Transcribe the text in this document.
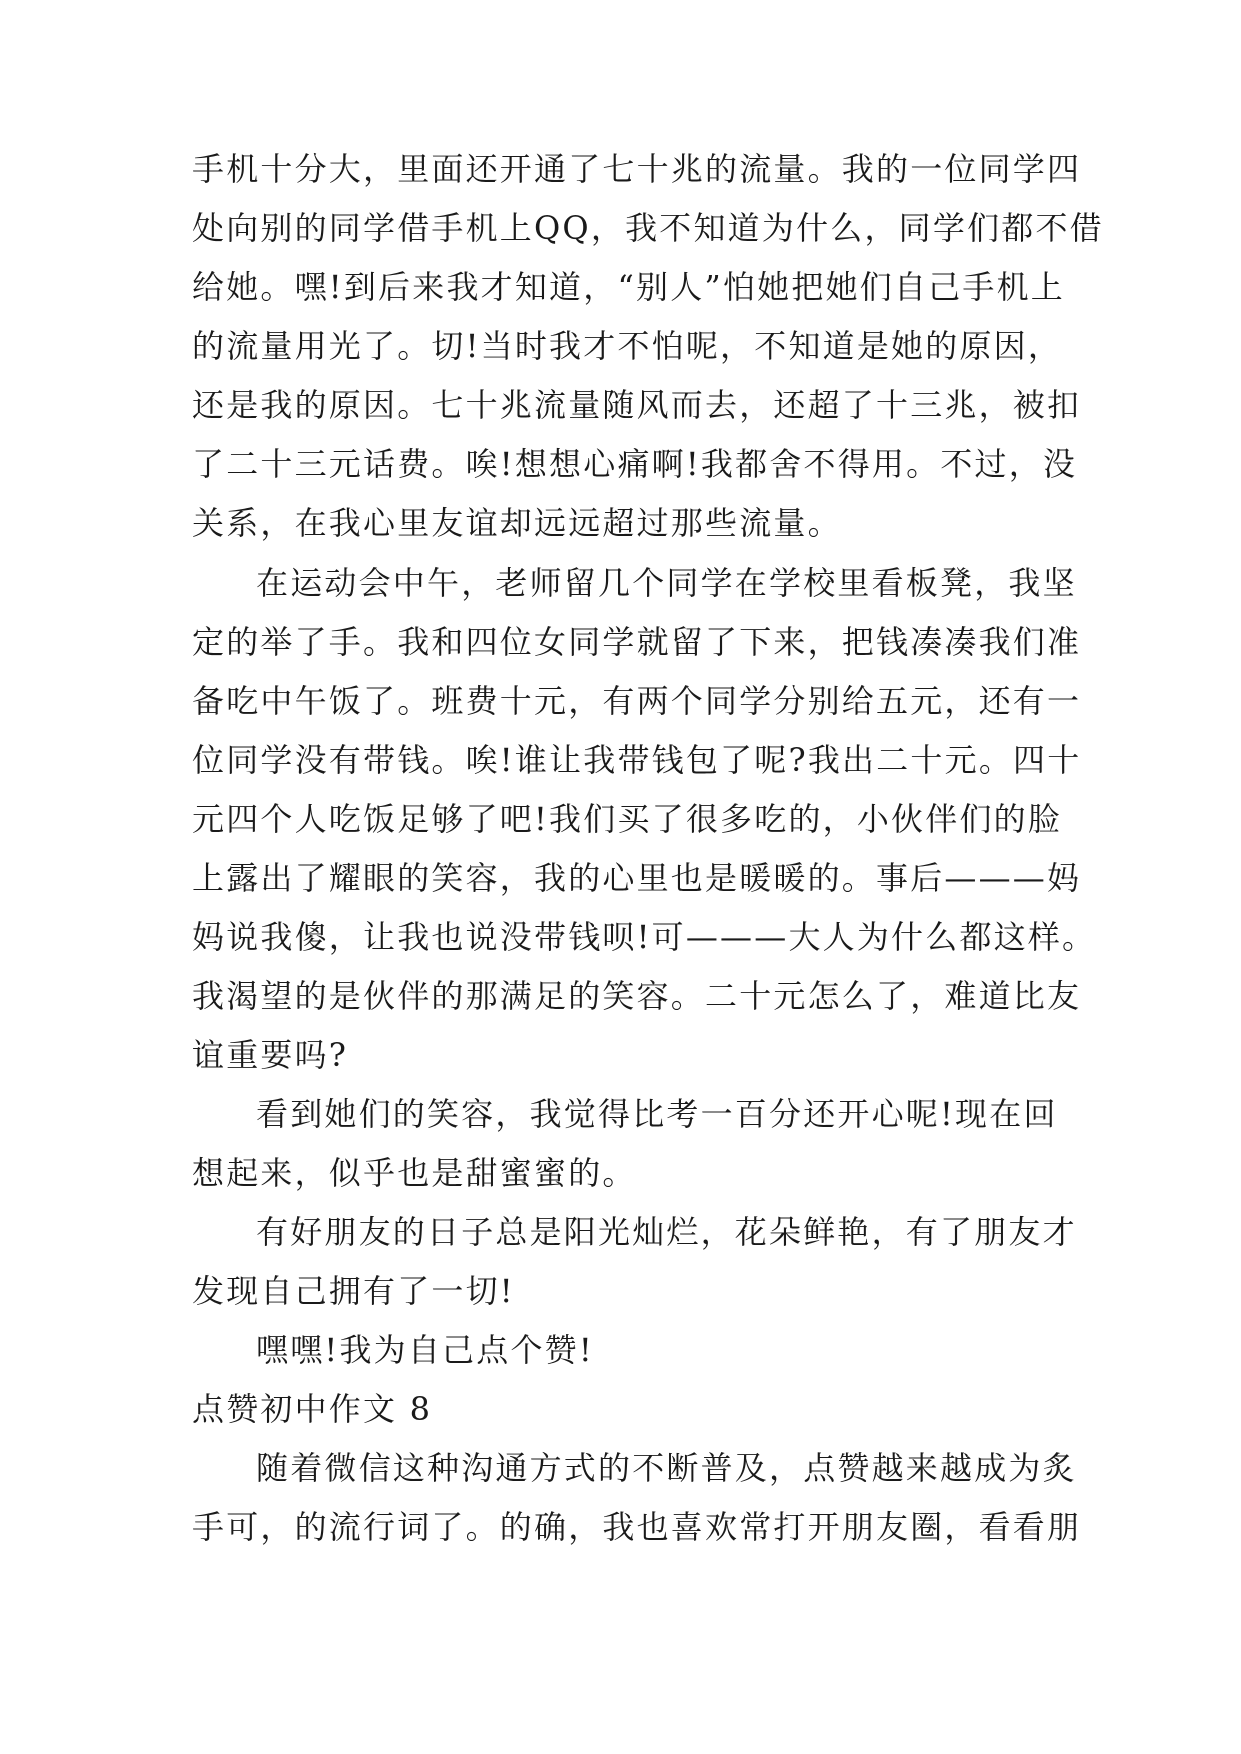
手机十分大，里面还开通了七十兆的流量。我的一位同学四
处向别的同学借手机上QQ，我不知道为什么，同学们都不借
给她。嘿!到后来我才知道，“别人”怕她把她们自己手机上
的流量用光了。切!当时我才不怕呢，不知道是她的原因，
还是我的原因。七十兆流量随风而去，还超了十三兆，被扣
了二十三元话费。唉!想想心痛啊!我都舍不得用。不过，没
关系，在我心里友谊却远远超过那些流量。
在运动会中午，老师留几个同学在学校里看板凳，我坚
定的举了手。我和四位女同学就留了下来，把钱凑凑我们准
备吃中午饭了。班费十元，有两个同学分别给五元，还有一
位同学没有带钱。唉!谁让我带钱包了呢?我出二十元。四十
元四个人吃饭足够了吧!我们买了很多吃的，小伙伴们的脸
上露出了耀眼的笑容，我的心里也是暖暖的。事后———妈
妈说我傻，让我也说没带钱呗!可———大人为什么都这样。
我渴望的是伙伴的那满足的笑容。二十元怎么了，难道比友
谊重要吗?
看到她们的笑容，我觉得比考一百分还开心呢!现在回
想起来，似乎也是甜蜜蜜的。
有好朋友的日子总是阳光灿烂，花朵鲜艳，有了朋友才
发现自己拥有了一切!
嘿嘿!我为自己点个赞!
点赞初中作文 8
随着微信这种沟通方式的不断普及，点赞越来越成为炙
手可，的流行词了。的确，我也喜欢常打开朋友圈，看看朋
